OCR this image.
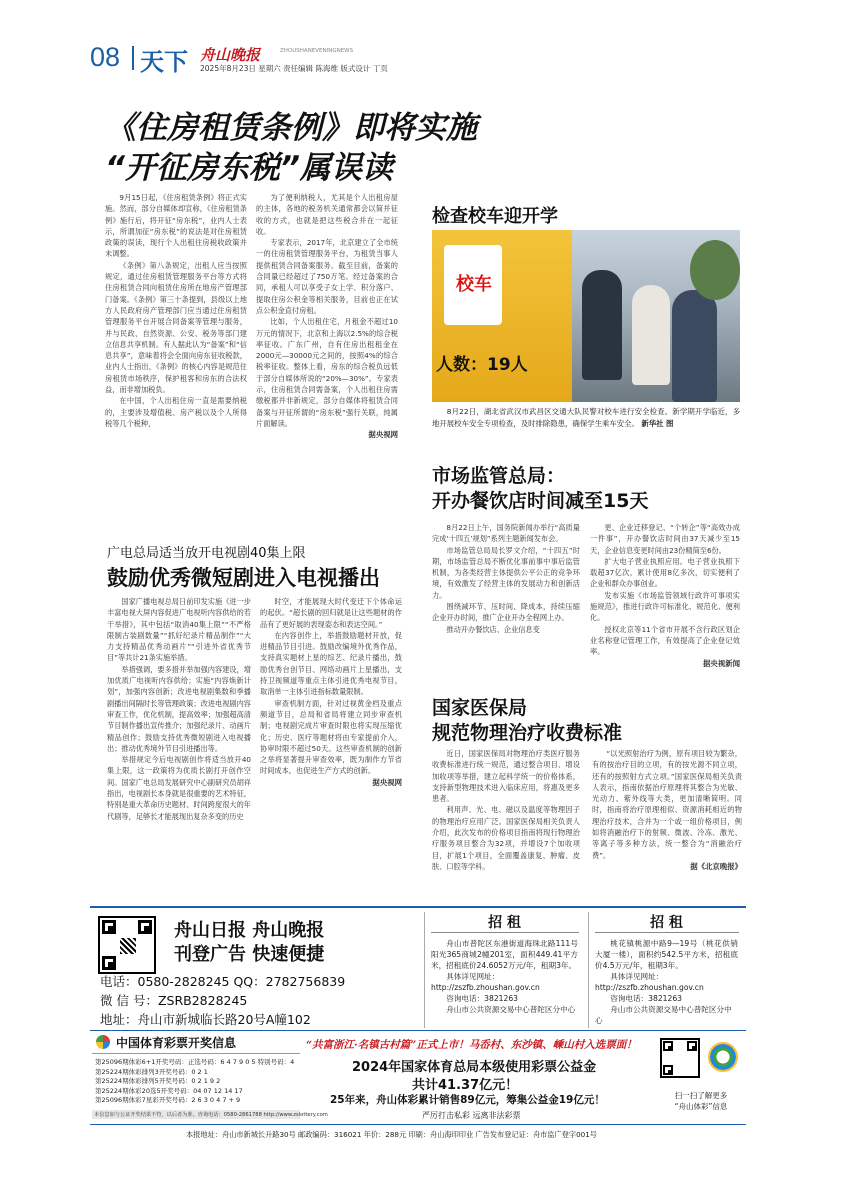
08 天下 舟山晚报	ZHOUSHANEVENINGNEWS
2025年8月23日 星期六 责任编辑 陈海维 版式设计 丁页
《住房租赁条例》即将实施
“开征房东税”属误读

9月15日起，《住房租赁条例》将正式实施。然而，部分自媒体却宣称，《住房租赁条例》施行后，将开征“房东税”，业内人士表示，所谓加征“房东税”的说法是对住房租赁政策的误读，现行个人出租住房税收政策并未调整。

《条例》第八条规定，出租人应当按照规定，通过住房租赁管理服务平台等方式将住房租赁合同向租赁住房所在地房产管理部门备案。《条例》第三十条提到，县级以上地方人民政府房产管理部门应当通过住房租赁管理服务平台开展合同备案等管理与服务，并与民政、自然资源、公安、税务等部门建立信息共享机制。有人据此认为“备案”和“信息共享”，意味着将会全面向房东征收税款，业内人士指出，《条例》的核心内容是规范住房租赁市场秩序，保护租客和房东的合法权益，而非增加税负。

在中国，个人出租住房一直是需要纳税的，主要涉及增值税、房产税以及个人所得税等几个税种，

为了便利纳税人，尤其是个人出租房屋的主体，各地的税务机关通常都会以简并征收的方式，也就是把这些税合并在一起征收。

专家表示，2017年，北京建立了全市统一的住房租赁管理服务平台，为租赁当事人提供租赁合同备案服务。截至目前，备案的合同量已经超过了750万笔。经过备案的合同，承租人可以享受子女上学、积分落户、提取住房公积金等相关服务，目前也正在试点公积金直付房租。

比如，个人出租住宅，月租金不超过10万元的情况下，北京和上海以2.5%的综合税率征收。广东广州，自有住房出租租金在2000元—30000元之间的，按照4%的综合税率征收。整体上看，房东的综合税负远低于部分自媒体所说的“20%—30%”。专家表示，住房租赁合同需备案，个人出租住房需缴税都并非新规定，部分自媒体将租赁合同备案与开征所谓的“房东税”强行关联，纯属片面解读。

据央视网
检查校车迎开学
校车
人数：19人
8月22日，湖北省武汉市武昌区交通大队民警对校车进行安全检查。新学期开学临近，多地开展校车安全专项检查，及时排除隐患，确保学生乘车安全。 新华社 图
市场监管总局：
开办餐饮店时间减至15天

8月22日上午，国务院新闻办举行“高质量完成‘十四五’规划”系列主题新闻发布会。

市场监管总局局长罗文介绍，“十四五”时期，市场监管总局不断优化事前事中事后监管机制，为各类经营主体提供公平公正的竞争环境，有效激发了经营主体的发展动力和创新活力。

围绕减环节、压时间、降成本，持续压缩企业开办时间，推广企业开办全程网上办。

推动开办餐饮店、企业信息变

更、企业迁移登记、“个转企”等“高效办成一件事”，开办餐饮店时间由37天减少至15天，企业信息变更时间由23份精简至6份。

扩大电子营业执照应用。电子营业执照下载超37亿次，累计使用8亿多次，切实便利了企业和群众办事创业。

发布实施《市场监管领域行政许可事项实施规范》，推进行政许可标准化、规范化、便利化。

授权北京等11个省市开展不含行政区划企业名称登记管理工作，有效提高了企业登记效率。

据央视新闻
广电总局适当放开电视剧40集上限
鼓励优秀微短剧进入电视播出

国家广播电视总局日前印发实施《进一步丰富电视大屏内容促进广电视听内容供给的若干举措》，其中包括“取消40集上限”“不严格限制古装剧数量”“抓好纪录片精品制作”“大力支持精品优秀动画片”“引进外省优秀节目”等共计21条实施举措。

举措强调，要多措并举加强内容建设，增加优质广电视听内容供给；实施“内容焕新计划”，加强内容创新；改进电视剧集数和季播剧播出间隔时长等管理政策；改进电视剧内容审查工作，优化机制，提高效率；加强超高清节目制作播出宣传推介；加强纪录片、动画片精品创作；鼓励支持优秀微短剧进入电视播出；推动优秀境外节目引进播出等。

举措规定今后电视剧创作将适当放开40集上限，这一政策将为优质长剧打开创作空间。国家广电总局发展研究中心副研究员胡祥指出，电视剧长本身就是很重要的艺术特征，特别是重大革命历史题材、时间跨度很大的年代剧等，足够长才能展现出复杂多变的历史

时空，才能展现大时代变迁下个体命运的起伏。“超长剧的回归就是让这些题材的作品有了更好展的表现姿态和表达空间。”

在内容创作上，举措鼓励题材开放，促进精品节目引进。鼓励改编境外优秀作品，支持真实题材上星的综艺、纪录片播出，鼓励优秀台创节目、网络动画片上星播出，支持卫视频道等重点主体引进优秀电视节目，取消单一主体引进指标数量限制。

审查机制方面，针对过视黄金档及重点频道节目，总局和省局将建立同步审查机制；电视剧完成片审查时限也将实现压缩优化；历史、医疗等题材将由专家提前介入，协审时限不超过50天。这些审查机制的创新之举将显著提升审查效率，既为制作方节省时间成本，也促进生产方式的创新。

据央视网
国家医保局
规范物理治疗收费标准

近日，国家医保局对物理治疗类医疗服务收费标准进行统一规范，通过整合项目、增设加收项等举措，建立起科学统一的价格体系，支持新型物理技术进入临床应用，将惠及更多患者。

利用声、光、电、磁以及温度等物理因子的物理治疗应用广泛。国家医保局相关负责人介绍，此次发布的价格项目指南将现行物理治疗服务项目整合为32项，并增设7个加收项目，扩展1个项目，全面覆盖康复、肿瘤、皮肤、口腔等学科。

“以光照射治疗为例，原有项目较为繁杂，有的按治疗目的立项，有的按光源不同立项，还有的按照射方式立项。”国家医保局相关负责人表示，指南依据治疗原理将其整合为光敏、光动力、紫外线等大类，更加清晰简明。同时，指南将治疗原理相似、资源消耗相近的物理治疗技术，合并为一个或一组价格项目，例如将消融治疗下的射频、微波、冷冻、激光、等离子等多种方法，统一整合为“消融治疗费”。

据《北京晚报》
舟山日报 舟山晚报
刊登广告 快速便捷
电话：0580-2828245 QQ：2782756839
微 信 号：ZSRB2828245
地址：舟山市新城临长路20号A幢102
招 租
舟山市普陀区东港街道海珠北路111号阳光365商城2幢201室，面积449.41平方米，招租底价24.6052万元/年，租期3年。
具体详见网址：http://zszfb.zhoushan.gov.cn
咨询电话：3821263
舟山市公共资源交易中心普陀区分中心
招 租
桃花镇桃源中路9—19号（桃花供销大厦一楼），面积约542.5平方米，招租底价4.5万元/年，租期3年。
具体详见网址：http://zszfb.zhoushan.gov.cn
咨询电话：3821263
舟山市公共资源交易中心普陀区分中心
中国体育彩票开奖信息
第25096期体彩6+1开奖号码：正选号码：6 4 7 9 0 5 特别号码：4
第25224期体彩排列3开奖号码：0 2 1
第25224期体彩排列5开奖号码：0 2 1 9 2
第25224期体彩20选5开奖号码：04 07 12 14 17
第25096期体彩7星彩开奖号码：2 6 3 0 4 7 + 9
本信息如与公证开奖结果不符，以后者为准。咨询电话：0580-2861788 http://www.zslottery.com
“共富浙江·名镇古村篇”正式上市！马岙村、东沙镇、嵊山村入选票面！
2024年国家体育总局本级使用彩票公益金
共计41.37亿元！
25年来，舟山体彩累计销售89亿元，筹集公益金19亿元！
严厉打击私彩 远离非法彩票
扫一扫了解更多
“舟山体彩”信息
本报地址：舟山市新城长升路30号 邮政编码：316021 年价：288元 印刷：舟山海印印业 广告发布登记证：舟市监广登字001号
